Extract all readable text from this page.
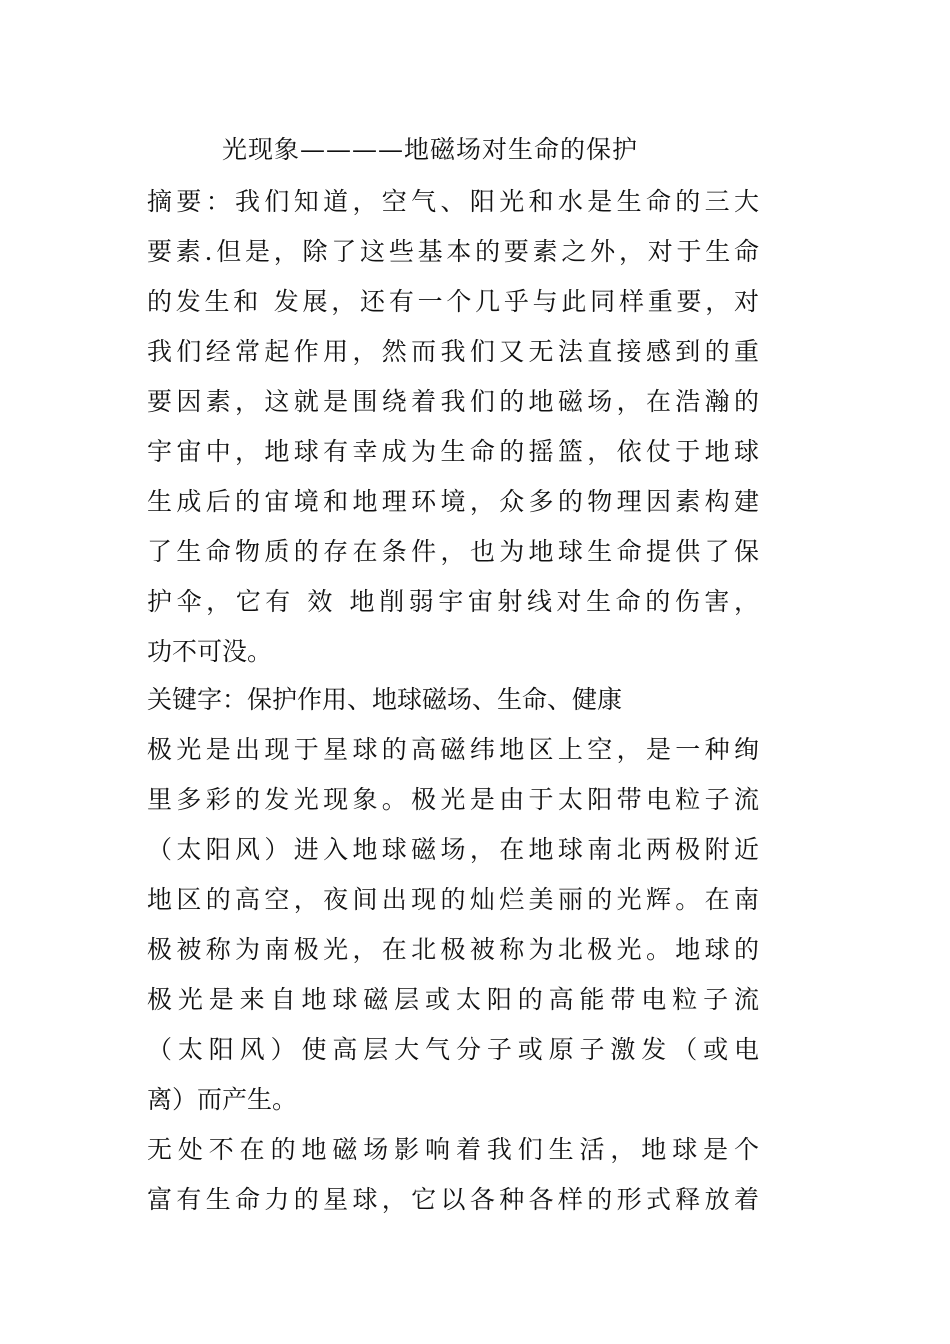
光现象————地磁场对生命的保护
摘要：我们知道，空气、阳光和水是生命的三大
要素.但是，除了这些基本的要素之外，对于生命
的发生和 发展，还有一个几乎与此同样重要，对
我们经常起作用，然而我们又无法直接感到的重
要因素，这就是围绕着我们的地磁场，在浩瀚的
宇宙中，地球有幸成为生命的摇篮，依仗于地球
生成后的宙境和地理环境，众多的物理因素构建
了生命物质的存在条件，也为地球生命提供了保
护伞，它有 效 地削弱宇宙射线对生命的伤害，
功不可没。
关键字：保护作用、地球磁场、生命、健康
极光是出现于星球的高磁纬地区上空，是一种绚
里多彩的发光现象。极光是由于太阳带电粒子流
（太阳风）进入地球磁场，在地球南北两极附近
地区的高空，夜间出现的灿烂美丽的光辉。在南
极被称为南极光，在北极被称为北极光。地球的
极光是来自地球磁层或太阳的高能带电粒子流
（太阳风）使高层大气分子或原子激发（或电
离）而产生。
无处不在的地磁场影响着我们生活，地球是个
富有生命力的星球，它以各种各样的形式释放着
